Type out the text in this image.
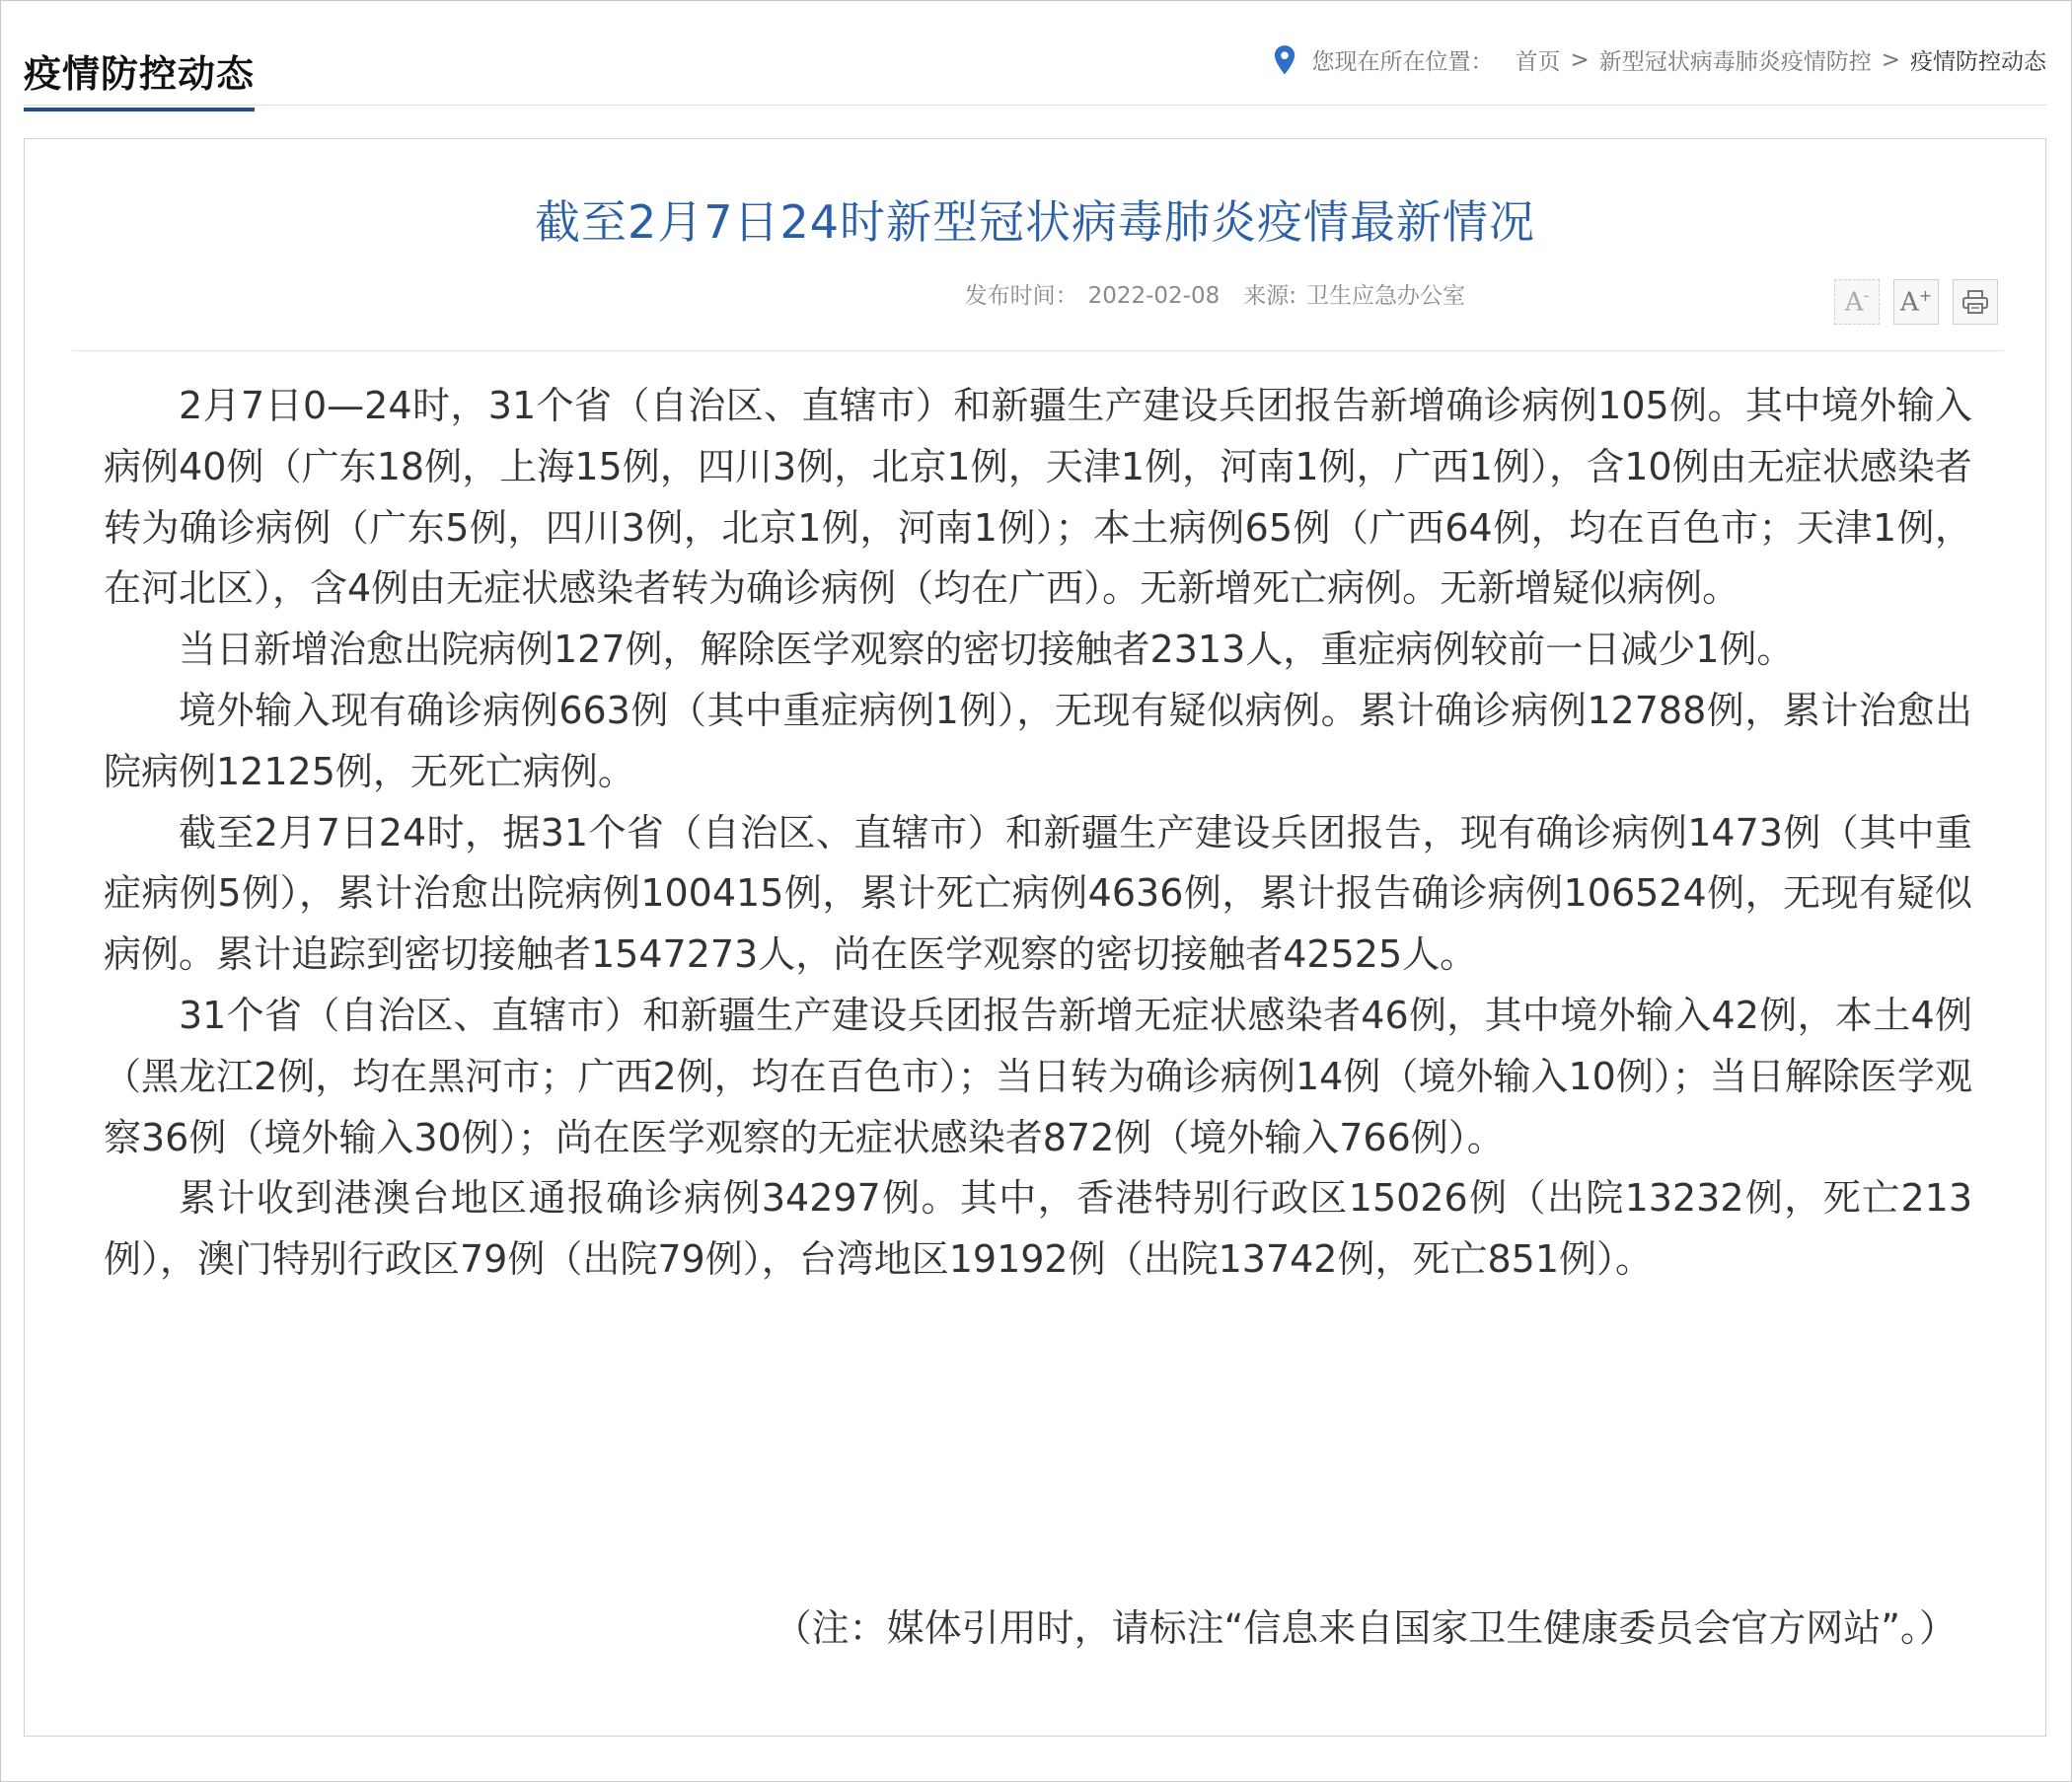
疫情防控动态	您现在所在位置： 首页 > 新型冠状病毒肺炎疫情防控 > 疫情防控动态
截至2月7日24时新型冠状病毒肺炎疫情最新情况
发布时间： 2022-02-08 来源: 卫生应急办公室	A- A+

2月7日0—24时，31个省（自治区、直辖市）和新疆生产建设兵团报告新增确诊病例105例。其中境外输入病例40例（广东18例，上海15例，四川3例，北京1例，天津1例，河南1例，广西1例），含10例由无症状感染者转为确诊病例（广东5例，四川3例，北京1例，河南1例）；本土病例65例（广西64例，均在百色市；天津1例，在河北区），含4例由无症状感染者转为确诊病例（均在广西）。无新增死亡病例。无新增疑似病例。

当日新增治愈出院病例127例，解除医学观察的密切接触者2313人，重症病例较前一日减少1例。

境外输入现有确诊病例663例（其中重症病例1例），无现有疑似病例。累计确诊病例12788例，累计治愈出院病例12125例，无死亡病例。

截至2月7日24时，据31个省（自治区、直辖市）和新疆生产建设兵团报告，现有确诊病例1473例（其中重症病例5例），累计治愈出院病例100415例，累计死亡病例4636例，累计报告确诊病例106524例，无现有疑似病例。累计追踪到密切接触者1547273人，尚在医学观察的密切接触者42525人。

31个省（自治区、直辖市）和新疆生产建设兵团报告新增无症状感染者46例，其中境外输入42例，本土4例（黑龙江2例，均在黑河市；广西2例，均在百色市）；当日转为确诊病例14例（境外输入10例）；当日解除医学观察36例（境外输入30例）；尚在医学观察的无症状感染者872例（境外输入766例）。

累计收到港澳台地区通报确诊病例34297例。其中，香港特别行政区15026例（出院13232例，死亡213例），澳门特别行政区79例（出院79例），台湾地区19192例（出院13742例，死亡851例）。

（注：媒体引用时，请标注“信息来自国家卫生健康委员会官方网站”。）
